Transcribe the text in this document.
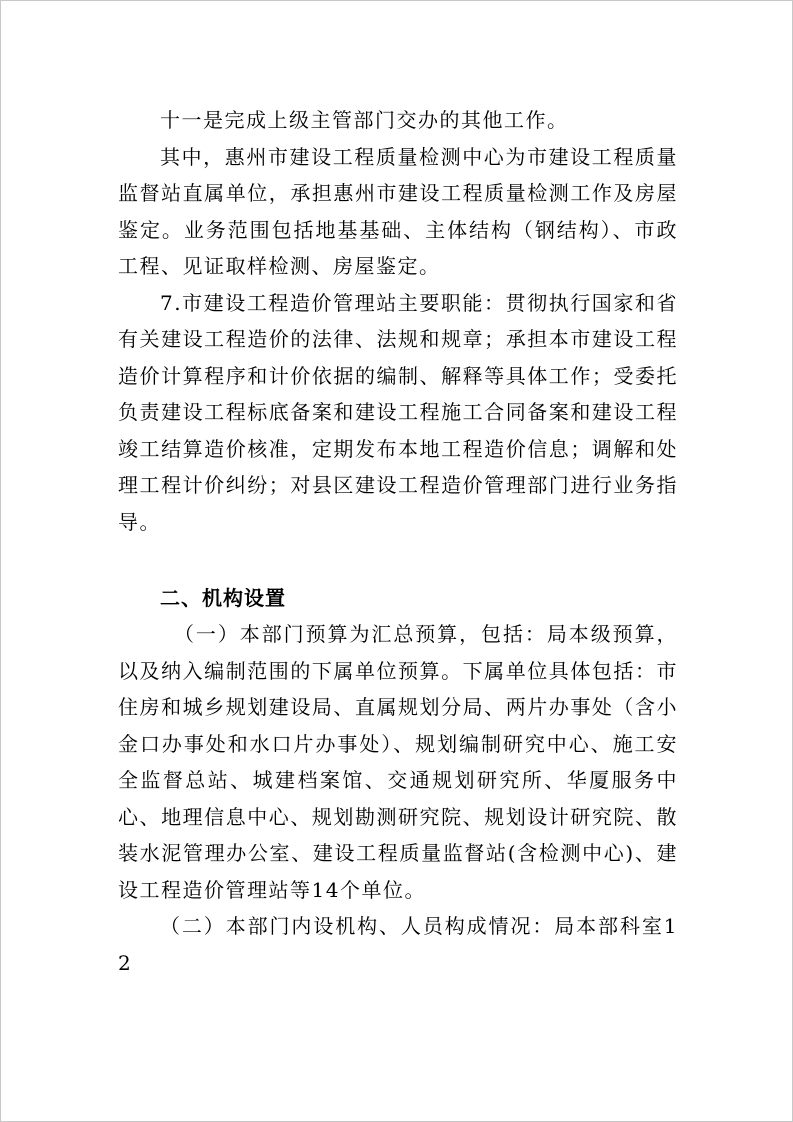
十一是完成上级主管部门交办的其他工作。

其中，惠州市建设工程质量检测中心为市建设工程质量监督站直属单位，承担惠州市建设工程质量检测工作及房屋鉴定。业务范围包括地基基础、主体结构（钢结构）、市政工程、见证取样检测、房屋鉴定。

7.市建设工程造价管理站主要职能：贯彻执行国家和省有关建设工程造价的法律、法规和规章；承担本市建设工程造价计算程序和计价依据的编制、解释等具体工作；受委托负责建设工程标底备案和建设工程施工合同备案和建设工程竣工结算造价核准，定期发布本地工程造价信息；调解和处理工程计价纠纷；对县区建设工程造价管理部门进行业务指导。

二、机构设置

（一）本部门预算为汇总预算，包括：局本级预算，以及纳入编制范围的下属单位预算。下属单位具体包括：市住房和城乡规划建设局、直属规划分局、两片办事处（含小金口办事处和水口片办事处）、规划编制研究中心、施工安全监督总站、城建档案馆、交通规划研究所、华厦服务中心、地理信息中心、规划勘测研究院、规划设计研究院、散装水泥管理办公室、建设工程质量监督站(含检测中心)、建设工程造价管理站等14个单位。

（二）本部门内设机构、人员构成情况：局本部科室12
